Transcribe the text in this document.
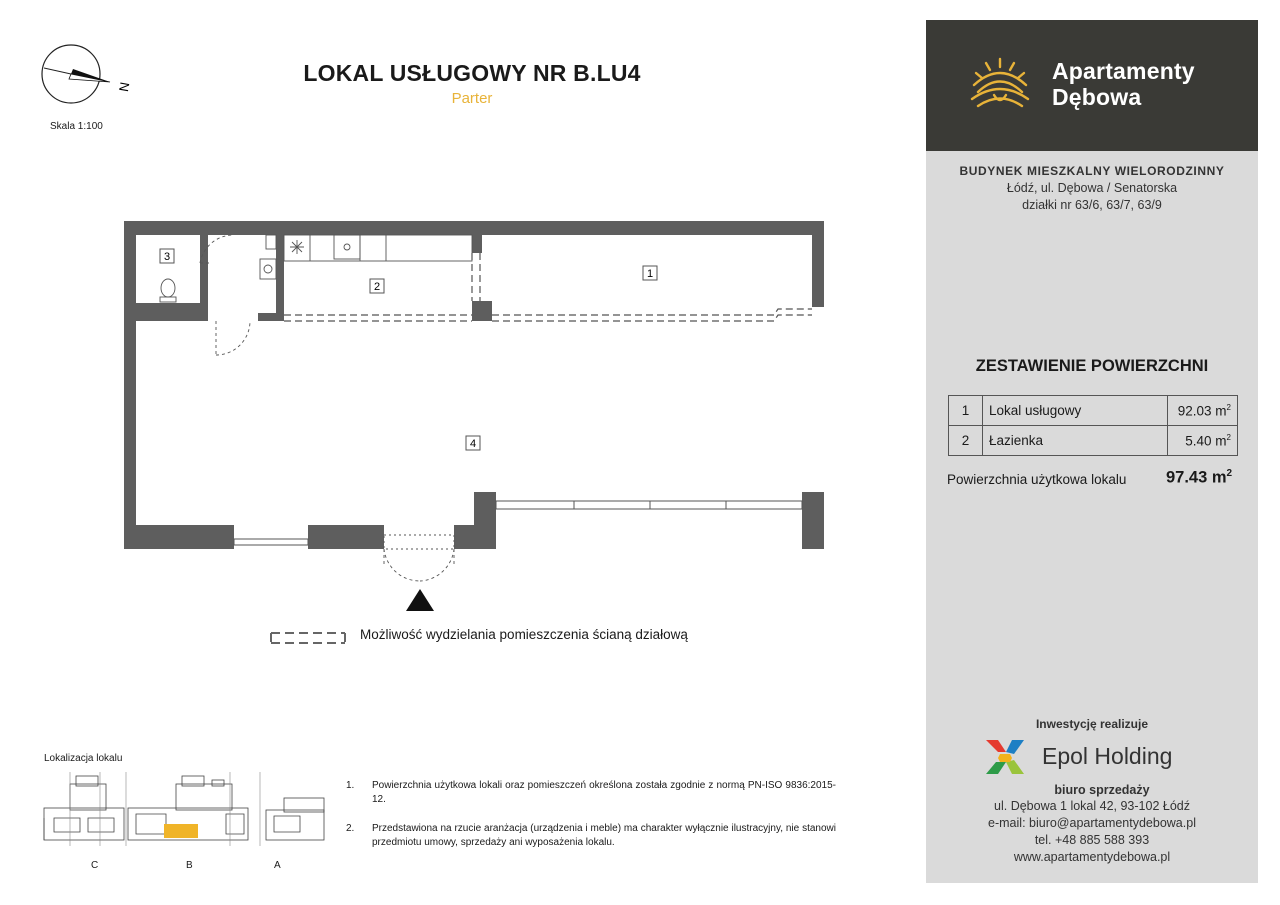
N
Skala 1:100
LOKAL USŁUGOWY NR B.LU4
Parter
3
2
1
4
Możliwość wydzielania pomieszczenia ścianą działową
Lokalizacja lokalu
C	B	A
1. Powierzchnia użytkowa lokali oraz pomieszczeń określona została zgodnie z normą PN-ISO 9836:2015-12.
2. Przedstawiona na rzucie aranżacja (urządzenia i meble) ma charakter wyłącznie ilustracyjny, nie stanowi przedmiotu umowy, sprzedaży ani wyposażenia lokalu.
Apartamenty
Dębowa
BUDYNEK MIESZKALNY WIELORODZINNY
Łódź, ul. Dębowa / Senatorska
działki nr 63/6, 63/7, 63/9
ZESTAWIENIE POWIERZCHNI
1	Lokal usługowy	92.03 $m^2$
2	Łazienka	5.40 $m^2$
Powierzchnia użytkowa lokalu 97.43 $m^2$
Inwestycję realizuje
Epol Holding
biuro sprzedaży
ul. Dębowa 1 lokal 42, 93-102 Łódź
e-mail: biuro@apartamentydebowa.pl
tel. +48 885 588 393
www.apartamentydebowa.pl
